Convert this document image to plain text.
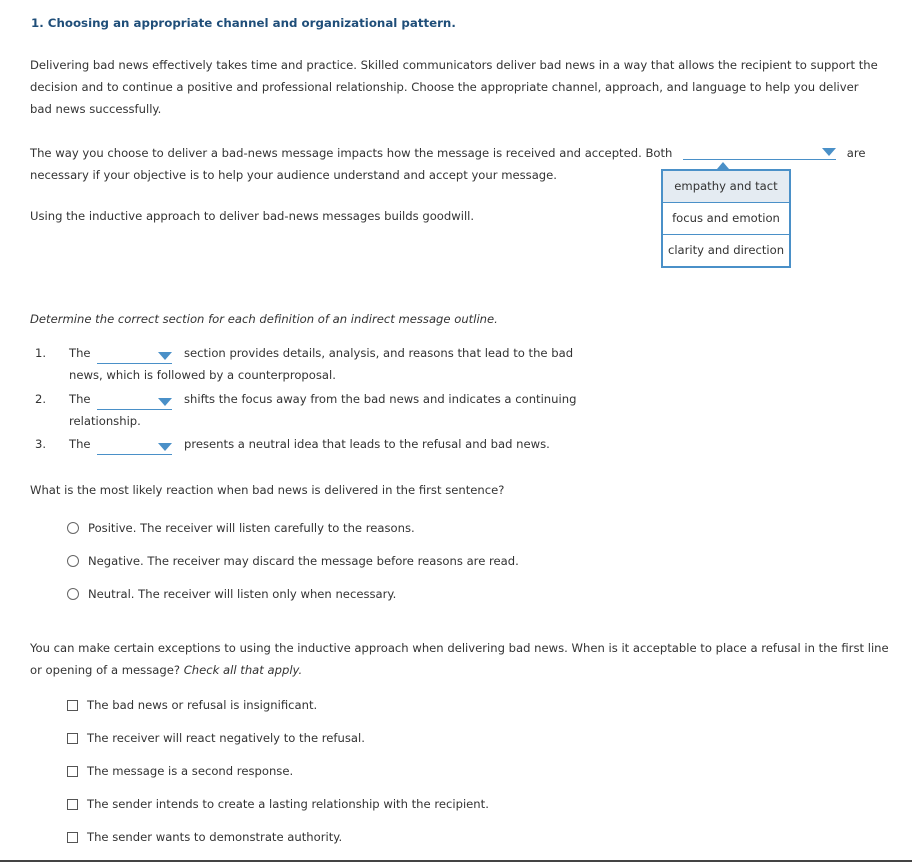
1. Choosing an appropriate channel and organizational pattern.
Delivering bad news effectively takes time and practice. Skilled communicators deliver bad news in a way that allows the recipient to support the decision and to continue a positive and professional relationship. Choose the appropriate channel, approach, and language to help you deliver bad news successfully.
The way you choose to deliver a bad-news message impacts how the message is received and accepted. Both	are
necessary if your objective is to help your audience understand and accept your message.
empathy and tact
focus and emotion
clarity and direction
Using the inductive approach to deliver bad-news messages builds goodwill.
Determine the correct section for each definition of an indirect message outline.
1. The	section provides details, analysis, and reasons that lead to the bad
news, which is followed by a counterproposal.
2. The	shifts the focus away from the bad news and indicates a continuing
relationship.
3. The	presents a neutral idea that leads to the refusal and bad news.
What is the most likely reaction when bad news is delivered in the first sentence?
Positive. The receiver will listen carefully to the reasons.
Negative. The receiver may discard the message before reasons are read.
Neutral. The receiver will listen only when necessary.
You can make certain exceptions to using the inductive approach when delivering bad news. When is it acceptable to place a refusal in the first line or opening of a message? Check all that apply.
The bad news or refusal is insignificant.
The receiver will react negatively to the refusal.
The message is a second response.
The sender intends to create a lasting relationship with the recipient.
The sender wants to demonstrate authority.
